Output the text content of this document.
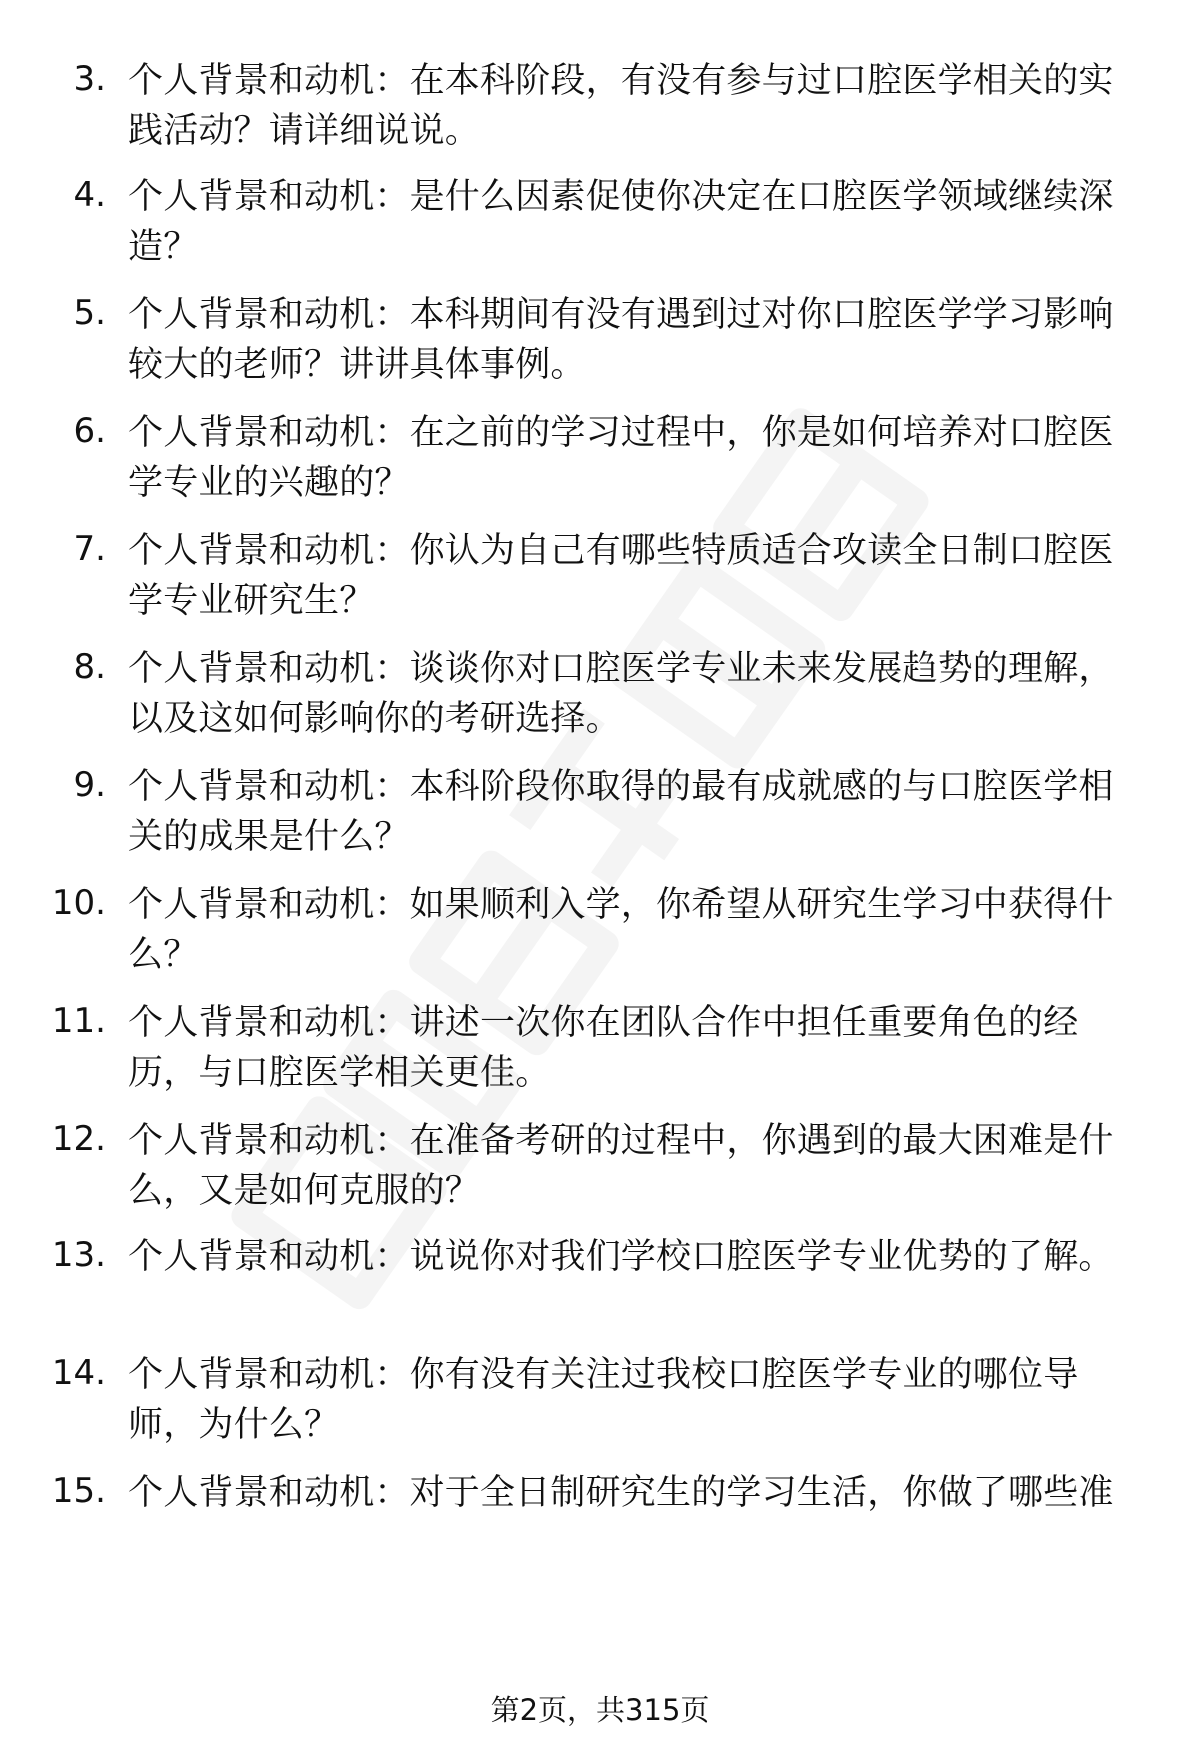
3. 个人背景和动机：在本科阶段，有没有参与过口腔医学相关的实践活动？请详细说说。
4. 个人背景和动机：是什么因素促使你决定在口腔医学领域继续深造？
5. 个人背景和动机：本科期间有没有遇到过对你口腔医学学习影响较大的老师？讲讲具体事例。
6. 个人背景和动机：在之前的学习过程中，你是如何培养对口腔医学专业的兴趣的？
7. 个人背景和动机：你认为自己有哪些特质适合攻读全日制口腔医学专业研究生？
8. 个人背景和动机：谈谈你对口腔医学专业未来发展趋势的理解，以及这如何影响你的考研选择。
9. 个人背景和动机：本科阶段你取得的最有成就感的与口腔医学相关的成果是什么？
10. 个人背景和动机：如果顺利入学，你希望从研究生学习中获得什么？
11. 个人背景和动机：讲述一次你在团队合作中担任重要角色的经历，与口腔医学相关更佳。
12. 个人背景和动机：在准备考研的过程中，你遇到的最大困难是什么，又是如何克服的？
13. 个人背景和动机：说说你对我们学校口腔医学专业优势的了解。
14. 个人背景和动机：你有没有关注过我校口腔医学专业的哪位导师，为什么？
15. 个人背景和动机：对于全日制研究生的学习生活，你做了哪些准
第2页，共315页
